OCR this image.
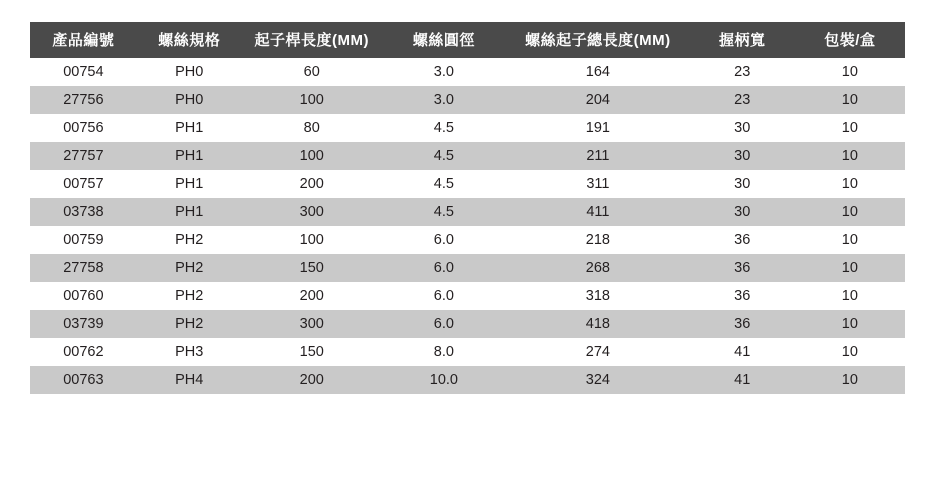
產品編號	螺絲規格	起子桿長度(MM)	螺絲圓徑	螺絲起子總長度(MM)	握柄寬	包裝/盒
00754	PH0	60	3.0	164	23	10
27756	PH0	100	3.0	204	23	10
00756	PH1	80	4.5	191	30	10
27757	PH1	100	4.5	211	30	10
00757	PH1	200	4.5	311	30	10
03738	PH1	300	4.5	411	30	10
00759	PH2	100	6.0	218	36	10
27758	PH2	150	6.0	268	36	10
00760	PH2	200	6.0	318	36	10
03739	PH2	300	6.0	418	36	10
00762	PH3	150	8.0	274	41	10
00763	PH4	200	10.0	324	41	10
